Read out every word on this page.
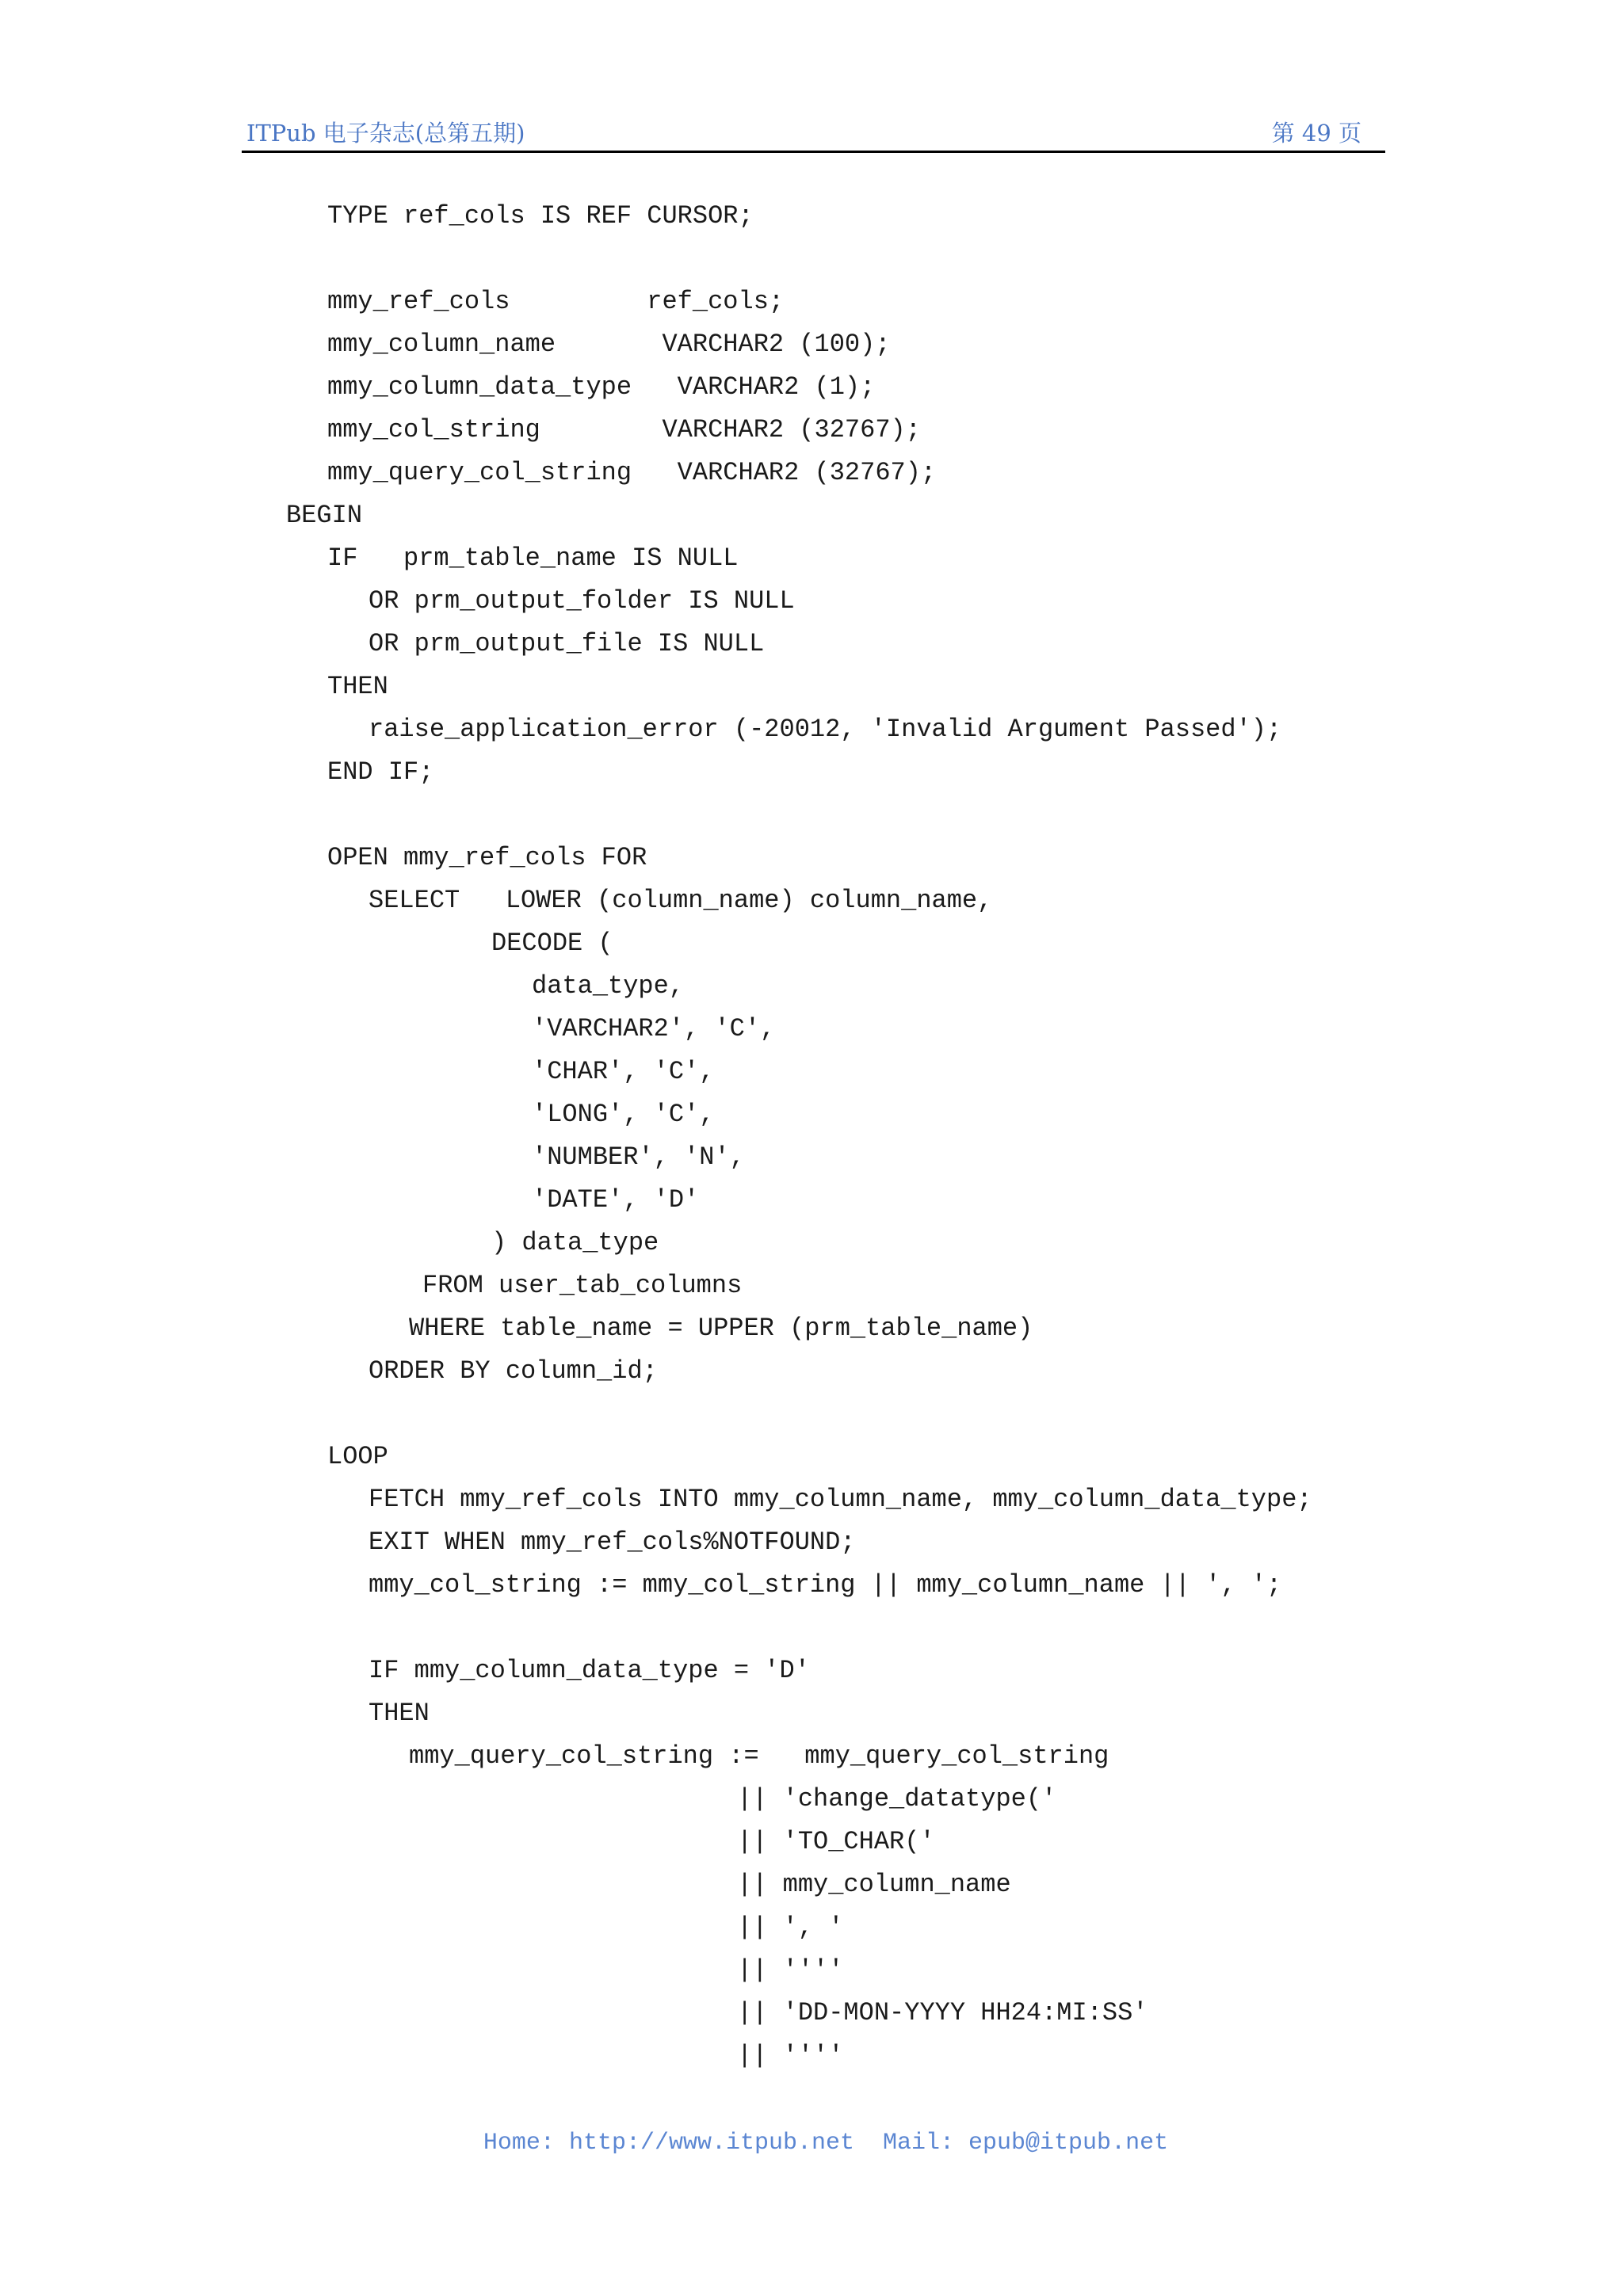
ITPub 电子杂志(总第五期)	第 49 页
TYPE ref_cols IS REF CURSOR;
mmy_ref_cols         ref_cols;
mmy_column_name       VARCHAR2 (100);
mmy_column_data_type   VARCHAR2 (1);
mmy_col_string        VARCHAR2 (32767);
mmy_query_col_string   VARCHAR2 (32767);
BEGIN
IF   prm_table_name IS NULL
OR prm_output_folder IS NULL
OR prm_output_file IS NULL
THEN
raise_application_error (-20012, 'Invalid Argument Passed');
END IF;
OPEN mmy_ref_cols FOR
SELECT   LOWER (column_name) column_name,
DECODE (
data_type,
'VARCHAR2', 'C',
'CHAR', 'C',
'LONG', 'C',
'NUMBER', 'N',
'DATE', 'D'
) data_type
FROM user_tab_columns
WHERE table_name = UPPER (prm_table_name)
ORDER BY column_id;
LOOP
FETCH mmy_ref_cols INTO mmy_column_name, mmy_column_data_type;
EXIT WHEN mmy_ref_cols%NOTFOUND;
mmy_col_string := mmy_col_string || mmy_column_name || ', ';
IF mmy_column_data_type = 'D'
THEN
mmy_query_col_string :=   mmy_query_col_string
|| 'change_datatype('
|| 'TO_CHAR('
|| mmy_column_name
|| ', '
|| ''''
|| 'DD-MON-YYYY HH24:MI:SS'
|| ''''

Home: http://www.itpub.net Mail: epub@itpub.net
